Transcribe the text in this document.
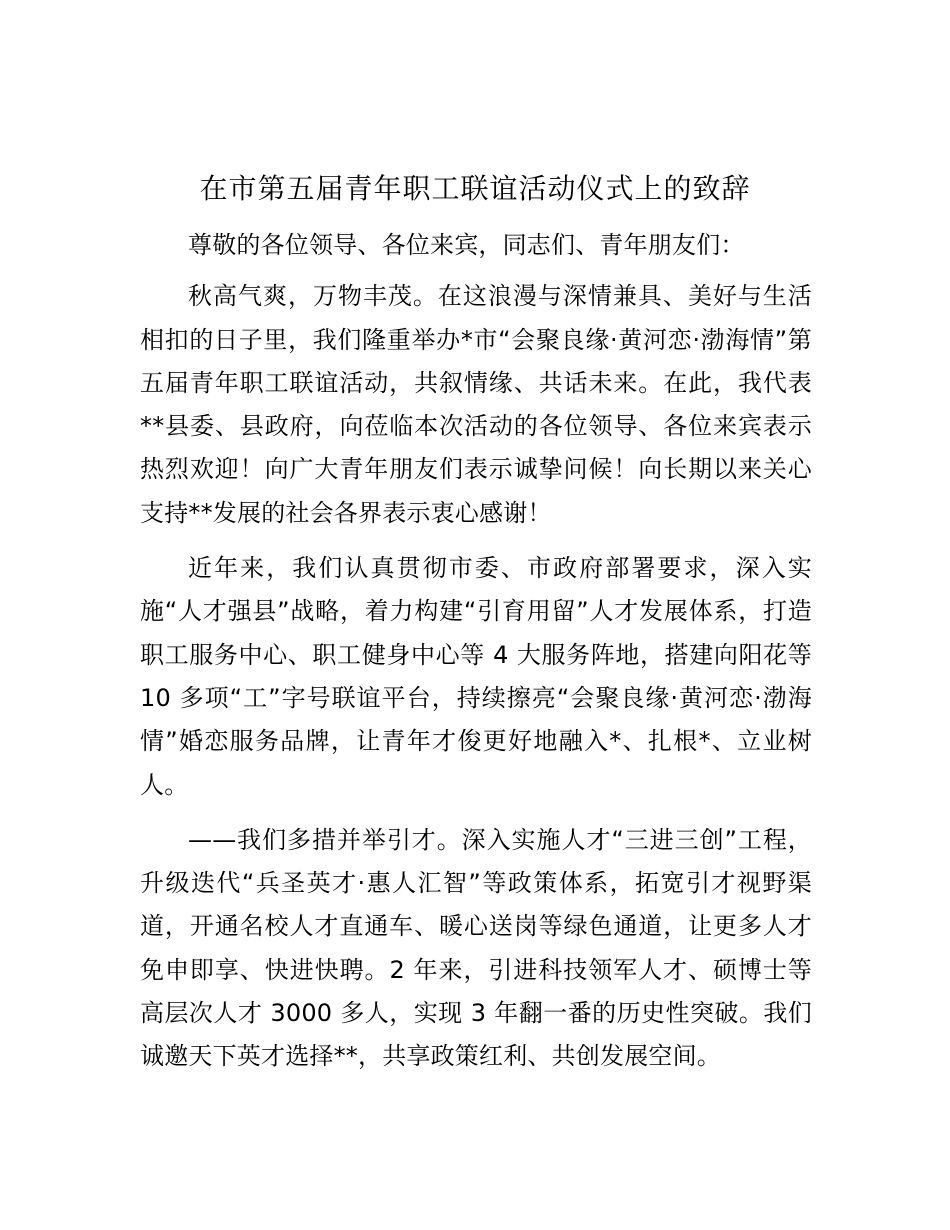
在市第五届青年职工联谊活动仪式上的致辞

尊敬的各位领导、各位来宾，同志们、青年朋友们：

秋高气爽，万物丰茂。在这浪漫与深情兼具、美好与生活相扣的日子里，我们隆重举办*市“会聚良缘·黄河恋·渤海情”第五届青年职工联谊活动，共叙情缘、共话未来。在此，我代表**县委、县政府，向莅临本次活动的各位领导、各位来宾表示热烈欢迎！向广大青年朋友们表示诚挚问候！向长期以来关心支持**发展的社会各界表示衷心感谢！

近年来，我们认真贯彻市委、市政府部署要求，深入实施“人才强县”战略，着力构建“引育用留”人才发展体系，打造职工服务中心、职工健身中心等 4 大服务阵地，搭建向阳花等 10 多项“工”字号联谊平台，持续擦亮“会聚良缘·黄河恋·渤海情”婚恋服务品牌，让青年才俊更好地融入*、扎根*、立业树人。

——我们多措并举引才。深入实施人才“三进三创”工程，升级迭代“兵圣英才·惠人汇智”等政策体系，拓宽引才视野渠道，开通名校人才直通车、暖心送岗等绿色通道，让更多人才免申即享、快进快聘。2 年来，引进科技领军人才、硕博士等高层次人才 3000 多人，实现 3 年翻一番的历史性突破。我们诚邀天下英才选择**，共享政策红利、共创发展空间。
